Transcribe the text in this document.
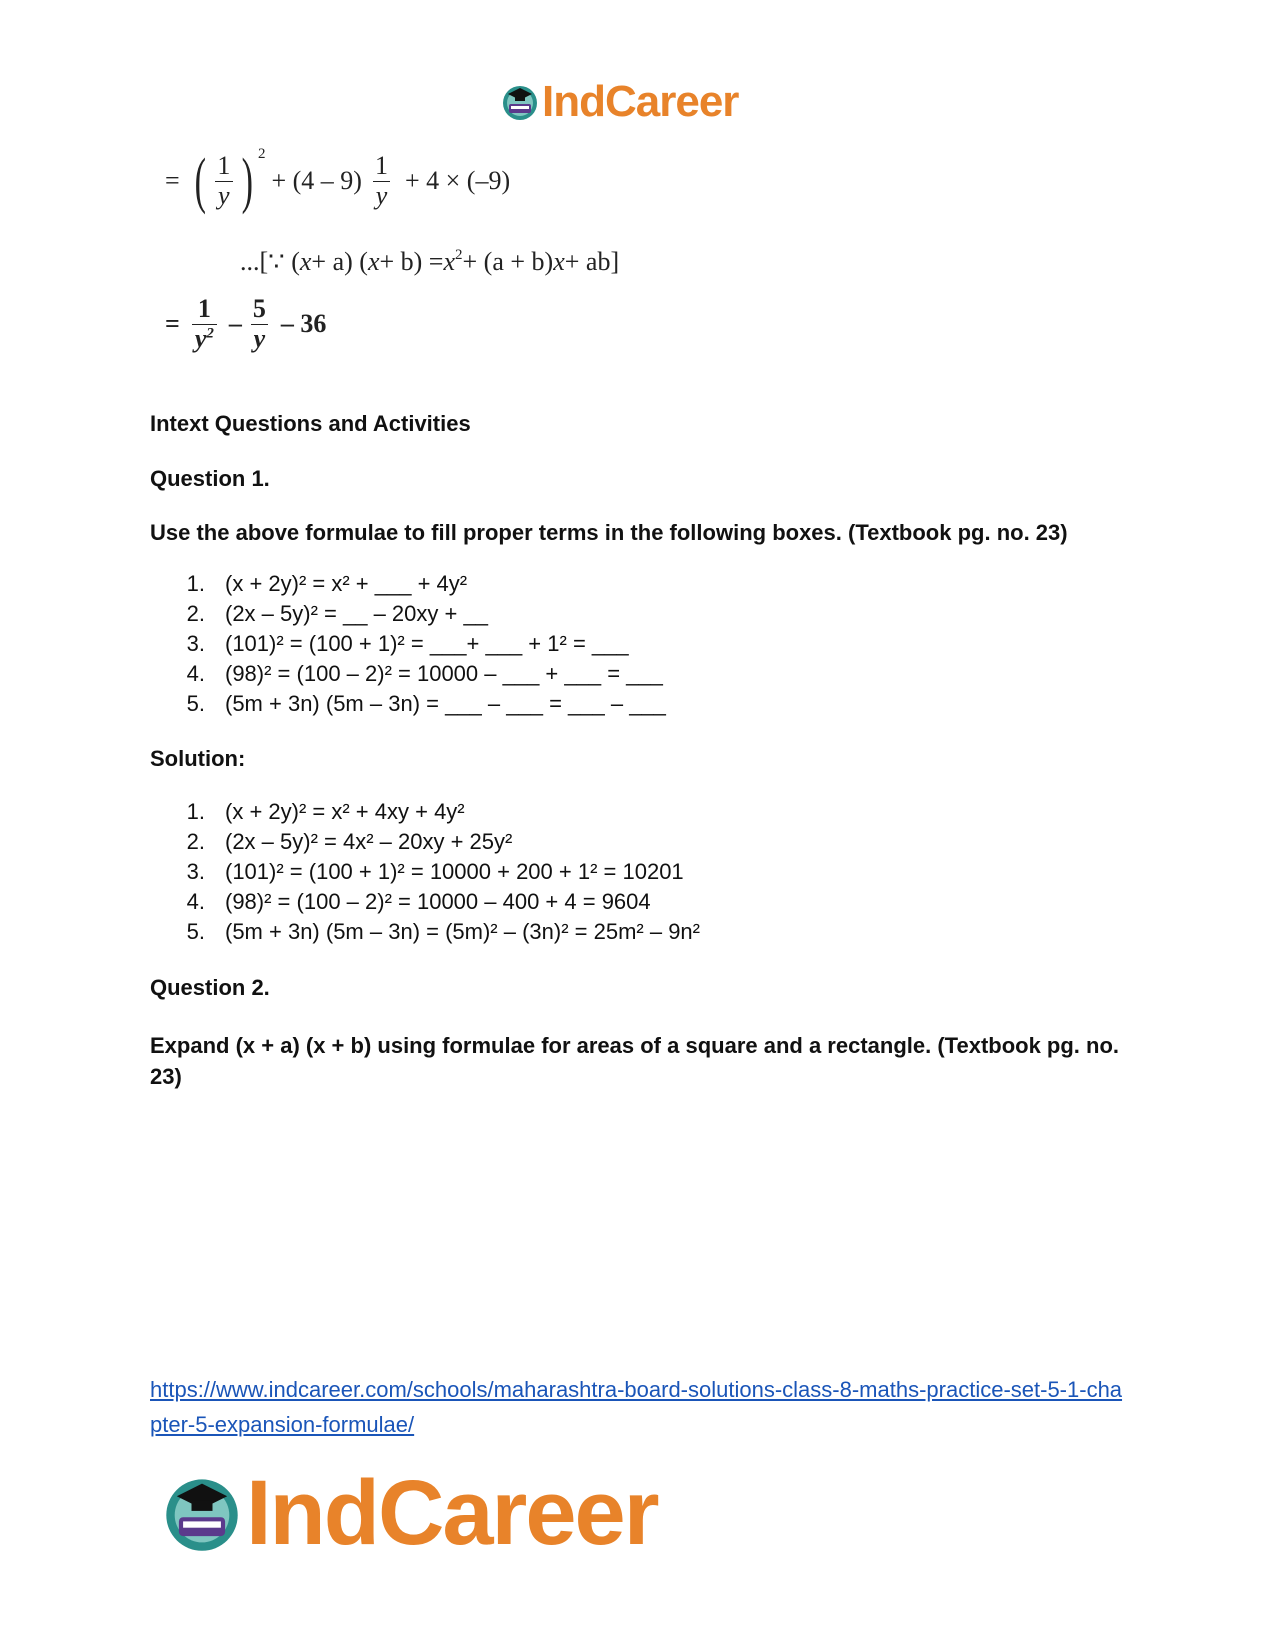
IndCareer
= ( $\frac{1}{y}$ ) $^2$
+ $(4 - 9) \frac{1}{y} + 4 \times (-9)$
...[∵ ( x + a) ( $x + b) = x^2 + (a + b) x + ab$]
= $\frac{1}{y^2} - \frac{5}{y} - 36$
Intext Questions and Activities
Question 1.
Use the above formulae to fill proper terms in the following boxes. (Textbook pg. no. 23)
1. (x + 2y)² = x² + ___ + 4y²
2. (2x – 5y)² = __ – 20xy + __
3. (101)² = (100 + 1)² = ___+ ___ + 1² = ___
4. (98)² = (100 – 2)² = 10000 – ___ + ___ = ___
5. (5m + 3n) (5m – 3n) = ___ – ___ = ___ – ___
Solution:
1. (x + 2y)² = x² + 4xy + 4y²
2. (2x – 5y)² = 4x² – 20xy + 25y²
3. (101)² = (100 + 1)² = 10000 + 200 + 1² = 10201
4. (98)² = (100 – 2)² = 10000 – 400 + 4 = 9604
5. (5m + 3n) (5m – 3n) = (5m)² – (3n)² = 25m² – 9n²
Question 2.
Expand (x + a) (x + b) using formulae for areas of a square and a rectangle. (Textbook pg. no. 23)
https://www.indcareer.com/schools/maharashtra-board-solutions-class-8-maths-practice-set-5-1-chapter-5-expansion-formulae/
IndCareer
